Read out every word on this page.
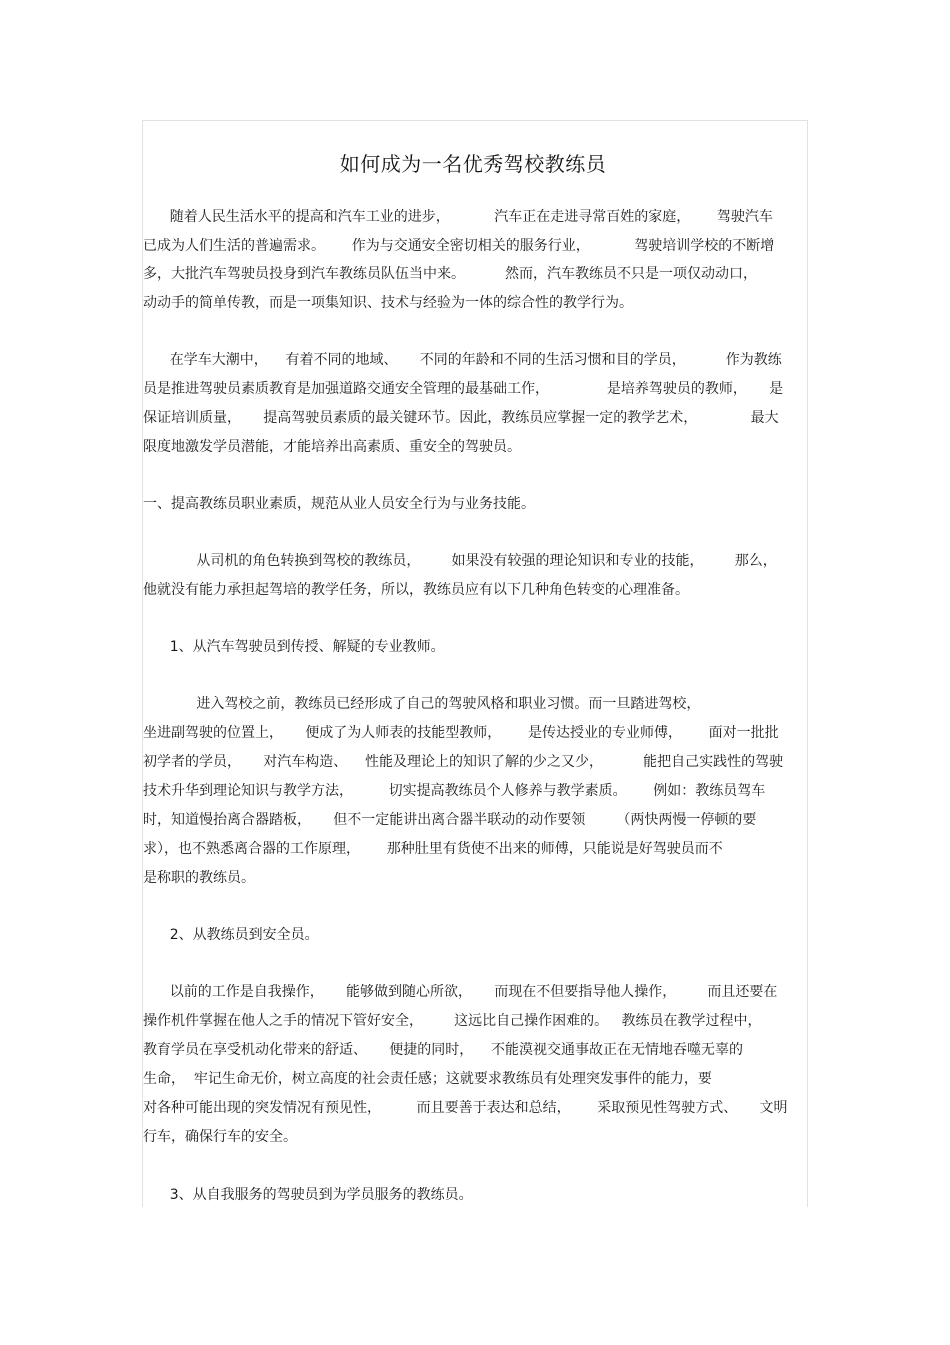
如何成为一名优秀驾校教练员
随着人民生活水平的提高和汽车工业的进步，          汽车正在走进寻常百姓的家庭，      驾驶汽车
已成为人们生活的普遍需求。      作为与交通安全密切相关的服务行业，          驾驶培训学校的不断增
多，大批汽车驾驶员投身到汽车教练员队伍当中来。         然而，汽车教练员不只是一项仅动动口，
动动手的简单传教，而是一项集知识、技术与经验为一体的综合性的教学行为。
在学车大潮中，    有着不同的地域、     不同的年龄和不同的生活习惯和目的学员，         作为教练
员是推进驾驶员素质教育是加强道路交通安全管理的最基础工作，             是培养驾驶员的教师，     是
保证培训质量，     提高驾驶员素质的最关键环节。因此，教练员应掌握一定的教学艺术，            最大
限度地激发学员潜能，才能培养出高素质、重安全的驾驶员。
一、提高教练员职业素质，规范从业人员安全行为与业务技能。
从司机的角色转换到驾校的教练员，       如果没有较强的理论知识和专业的技能，       那么，
他就没有能力承担起驾培的教学任务，所以，教练员应有以下几种角色转变的心理准备。
1、从汽车驾驶员到传授、解疑的专业教师。
进入驾校之前，教练员已经形成了自己的驾驶风格和职业习惯。而一旦踏进驾校，
坐进副驾驶的位置上，     便成了为人师表的技能型教师，      是传达授业的专业师傅，      面对一批批
初学者的学员，     对汽车构造、    性能及理论上的知识了解的少之又少，         能把自己实践性的驾驶
技术升华到理论知识与教学方法，        切实提高教练员个人修养与教学素质。      例如：教练员驾车
时，知道慢抬离合器踏板，     但不一定能讲出离合器半联动的动作要领       （两快两慢一停顿的要
求），也不熟悉离合器的工作原理，      那种肚里有货使不出来的师傅，只能说是好驾驶员而不
是称职的教练员。
2、从教练员到安全员。
以前的工作是自我操作，     能够做到随心所欲，     而现在不但要指导他人操作，       而且还要在
操作机件掌握在他人之手的情况下管好安全，       这远比自己操作困难的。   教练员在教学过程中，
教育学员在享受机动化带来的舒适、     便捷的同时，    不能漠视交通事故正在无情地吞噬无辜的
生命，  牢记生命无价，树立高度的社会责任感；这就要求教练员有处理突发事件的能力，要
对各种可能出现的突发情况有预见性，        而且要善于表达和总结，      采取预见性驾驶方式、     文明
行车，确保行车的安全。
3、从自我服务的驾驶员到为学员服务的教练员。
